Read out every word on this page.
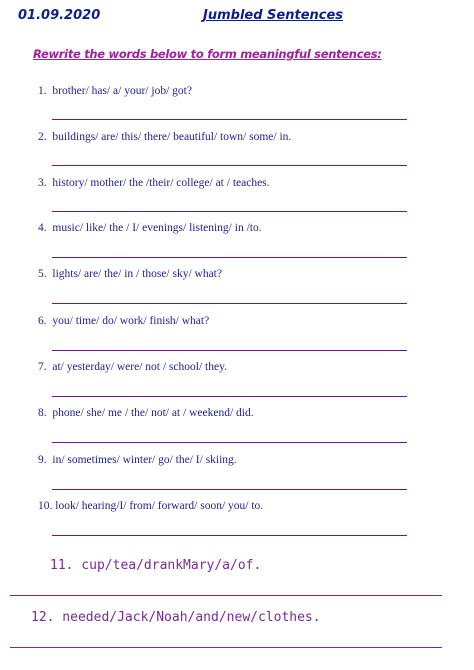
01.09.2020	Jumbled Sentences
Rewrite the words below to form meaningful sentences:
1. brother/ has/ a/ your/ job/ got?
2. buildings/ are/ this/ there/ beautiful/ town/ some/ in.
3. history/ mother/ the /their/ college/ at / teaches.
4. music/ like/ the / I/ evenings/ listening/ in /to.
5. lights/ are/ the/ in / those/ sky/ what?
6. you/ time/ do/ work/ finish/ what?
7. at/ yesterday/ were/ not / school/ they.
8. phone/ she/ me / the/ not/ at / weekend/ did.
9. in/ sometimes/ winter/ go/ the/ I/ skiing.
10. look/ hearing/I/ from/ forward/ soon/ you/ to.
11. cup/tea/drankMary/a/of.
12. needed/Jack/Noah/and/new/clothes.
